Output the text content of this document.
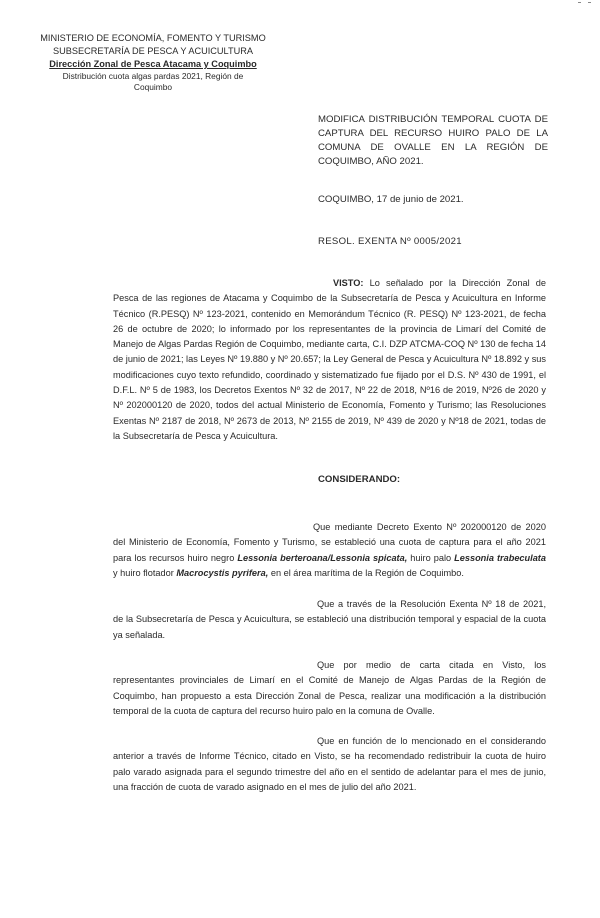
MINISTERIO DE ECONOMÍA, FOMENTO Y TURISMO
SUBSECRETARÍA DE PESCA Y ACUICULTURA
Dirección Zonal de Pesca Atacama y Coquimbo
Distribución cuota algas pardas 2021, Región de
Coquimbo
MODIFICA DISTRIBUCIÓN TEMPORAL CUOTA DE CAPTURA DEL RECURSO HUIRO PALO DE LA COMUNA DE OVALLE EN LA REGIÓN DE COQUIMBO, AÑO 2021.
COQUIMBO, 17 de junio de 2021.
RESOL. EXENTA Nº 0005/2021
VISTO: Lo señalado por la Dirección Zonal de Pesca de las regiones de Atacama y Coquimbo de la Subsecretaría de Pesca y Acuicultura en Informe Técnico (R.PESQ) Nº 123-2021, contenido en Memorándum Técnico (R. PESQ) Nº 123-2021, de fecha 26 de octubre de 2020; lo informado por los representantes de la provincia de Limarí del Comité de Manejo de Algas Pardas Región de Coquimbo, mediante carta, C.I. DZP ATCMA-COQ Nº 130 de fecha 14 de junio de 2021; las Leyes Nº 19.880 y Nº 20.657; la Ley General de Pesca y Acuicultura Nº 18.892 y sus modificaciones cuyo texto refundido, coordinado y sistematizado fue fijado por el D.S. Nº 430 de 1991, el D.F.L. Nº 5 de 1983, los Decretos Exentos Nº 32 de 2017, Nº 22 de 2018, Nº16 de 2019, Nº26 de 2020 y Nº 202000120 de 2020, todos del actual Ministerio de Economía, Fomento y Turismo; las Resoluciones Exentas Nº 2187 de 2018, Nº 2673 de 2013, Nº 2155 de 2019, Nº 439 de 2020 y Nº18 de 2021, todas de la Subsecretaría de Pesca y Acuicultura.
CONSIDERANDO:
Que mediante Decreto Exento Nº 202000120 de 2020 del Ministerio de Economía, Fomento y Turismo, se estableció una cuota de captura para el año 2021 para los recursos huiro negro Lessonia berteroana/Lessonia spicata, huiro palo Lessonia trabeculata y huiro flotador Macrocystis pyrifera, en el área marítima de la Región de Coquimbo.
Que a través de la Resolución Exenta Nº 18 de 2021, de la Subsecretaría de Pesca y Acuicultura, se estableció una distribución temporal y espacial de la cuota ya señalada.
Que por medio de carta citada en Visto, los representantes provinciales de Limarí en el Comité de Manejo de Algas Pardas de la Región de Coquimbo, han propuesto a esta Dirección Zonal de Pesca, realizar una modificación a la distribución temporal de la cuota de captura del recurso huiro palo en la comuna de Ovalle.
Que en función de lo mencionado en el considerando anterior a través de Informe Técnico, citado en Visto, se ha recomendado redistribuir la cuota de huiro palo varado asignada para el segundo trimestre del año en el sentido de adelantar para el mes de junio, una fracción de cuota de varado asignado en el mes de julio del año 2021.
